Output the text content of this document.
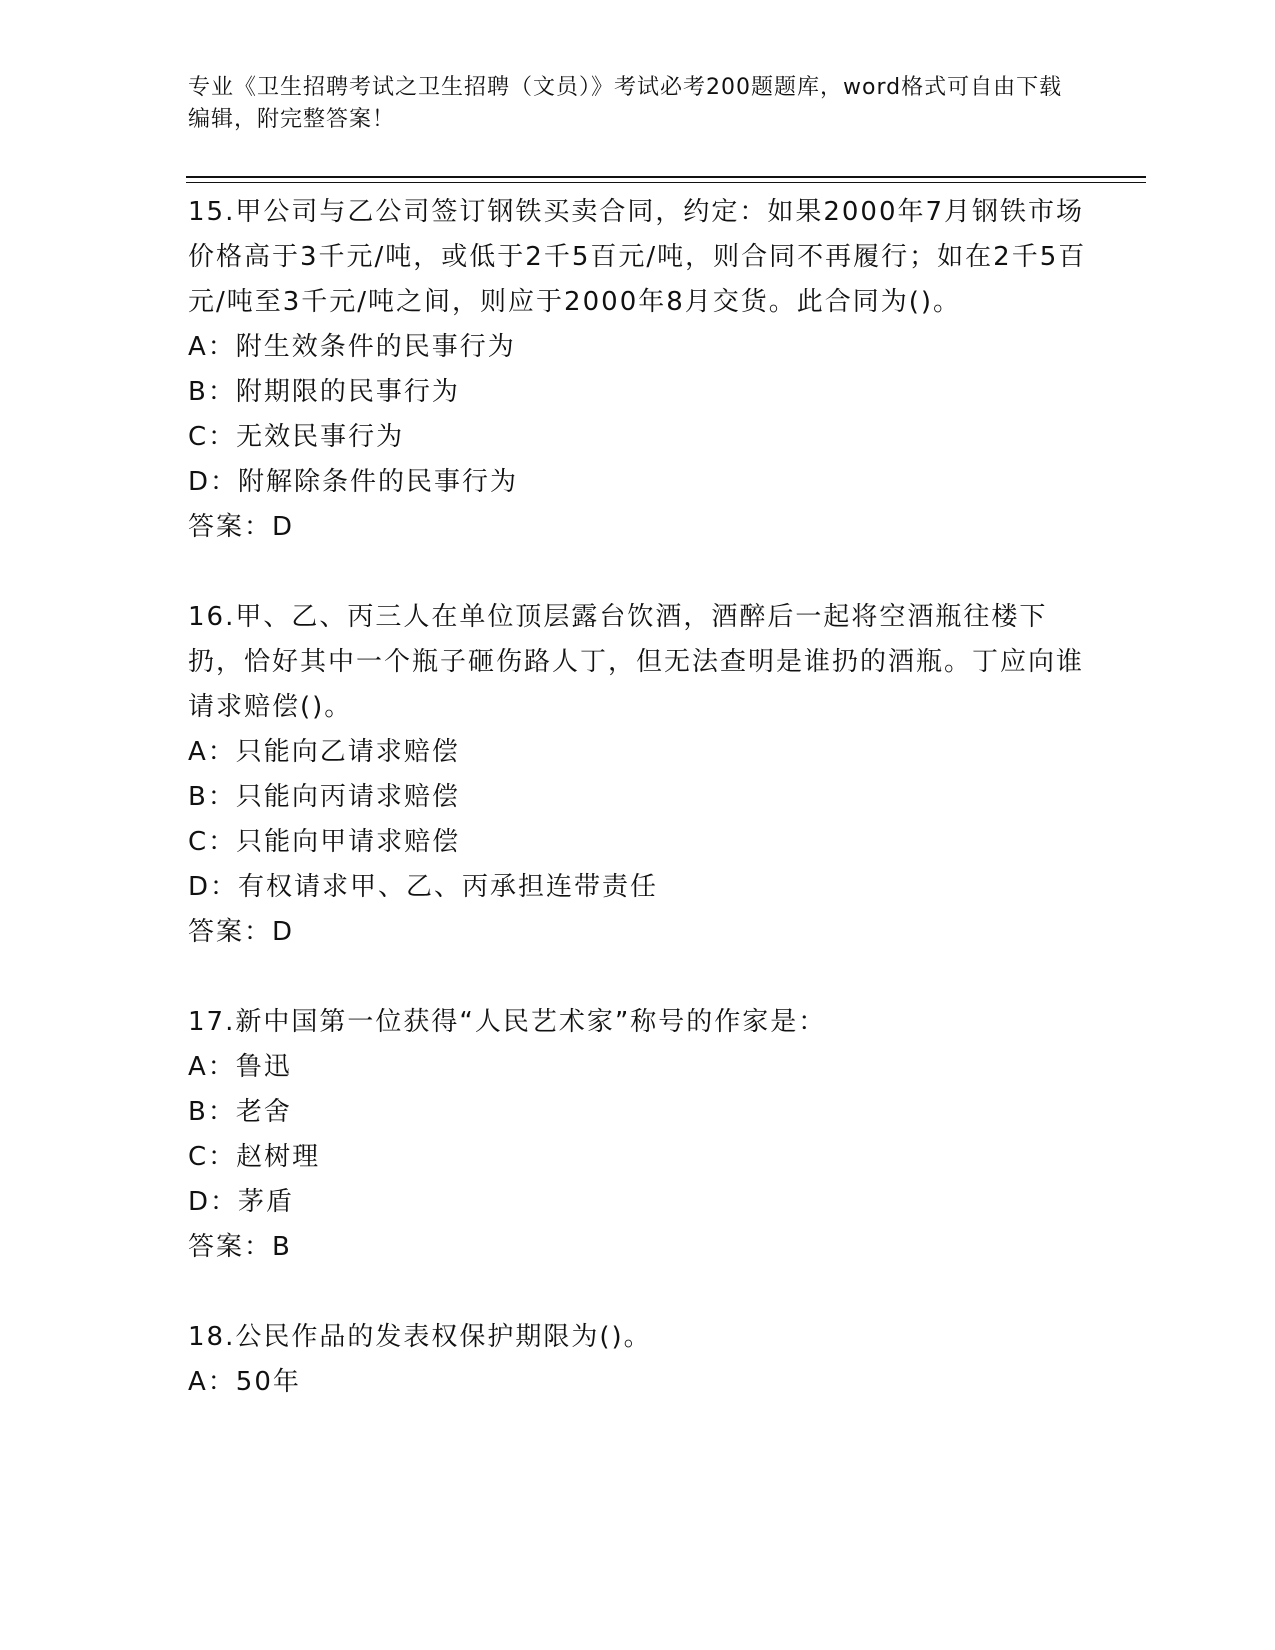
专业《卫生招聘考试之卫生招聘（文员）》考试必考200题题库，word格式可自由下载编辑，附完整答案！

15.甲公司与乙公司签订钢铁买卖合同，约定：如果2000年7月钢铁市场价格高于3千元/吨，或低于2千5百元/吨，则合同不再履行；如在2千5百元/吨至3千元/吨之间，则应于2000年8月交货。此合同为()。

A：附生效条件的民事行为

B：附期限的民事行为

C：无效民事行为

D：附解除条件的民事行为

答案：D

16.甲、乙、丙三人在单位顶层露台饮酒，酒醉后一起将空酒瓶往楼下扔，恰好其中一个瓶子砸伤路人丁，但无法查明是谁扔的酒瓶。丁应向谁请求赔偿()。

A：只能向乙请求赔偿

B：只能向丙请求赔偿

C：只能向甲请求赔偿

D：有权请求甲、乙、丙承担连带责任

答案：D

17.新中国第一位获得“人民艺术家”称号的作家是：

A：鲁迅

B：老舍

C：赵树理

D：茅盾

答案：B

18.公民作品的发表权保护期限为()。

A：50年
